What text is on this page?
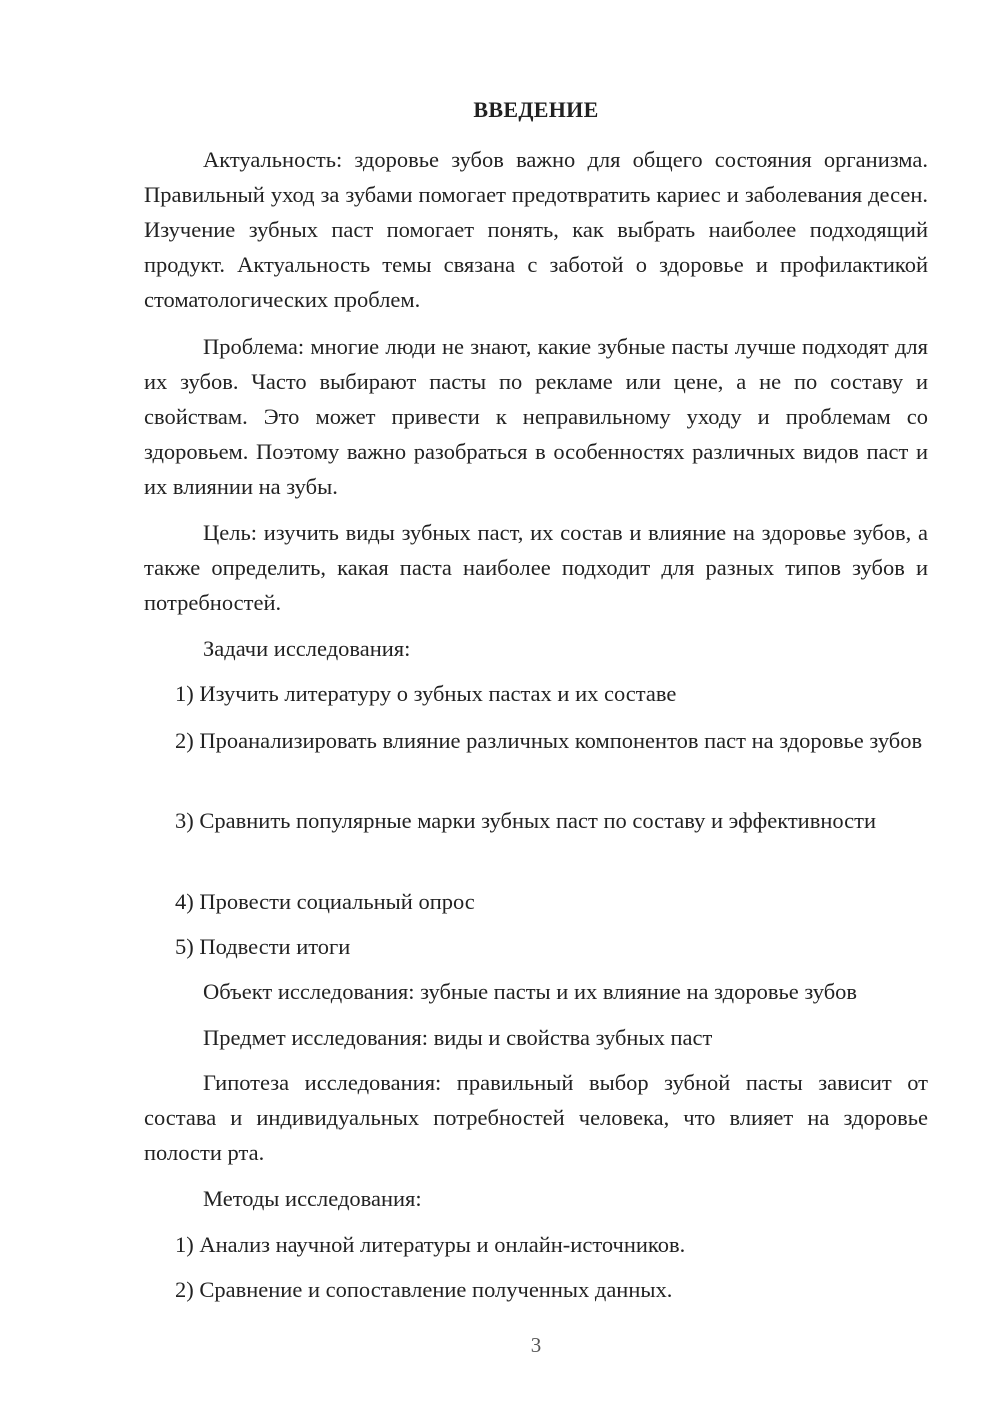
ВВЕДЕНИЕ

Актуальность: здоровье зубов важно для общего состояния организма. Правильный уход за зубами помогает предотвратить кариес и заболевания десен. Изучение зубных паст помогает понять, как выбрать наиболее подходящий продукт. Актуальность темы связана с заботой о здоровье и профилактикой стоматологических проблем.

Проблема: многие люди не знают, какие зубные пасты лучше подходят для их зубов. Часто выбирают пасты по рекламе или цене, а не по составу и свойствам. Это может привести к неправильному уходу и проблемам со здоровьем. Поэтому важно разобраться в особенностях различных видов паст и их влиянии на зубы.

Цель: изучить виды зубных паст, их состав и влияние на здоровье зубов, а также определить, какая паста наиболее подходит для разных типов зубов и потребностей.

Задачи исследования:

1) Изучить литературу о зубных пастах и их составе

2) Проанализировать влияние различных компонентов паст на здоровье зубов

3) Сравнить популярные марки зубных паст по составу и эффективности

4) Провести социальный опрос

5) Подвести итоги

Объект исследования: зубные пасты и их влияние на здоровье зубов

Предмет исследования: виды и свойства зубных паст

Гипотеза исследования: правильный выбор зубной пасты зависит от состава и индивидуальных потребностей человека, что влияет на здоровье полости рта.

Методы исследования:

1) Анализ научной литературы и онлайн-источников.

2) Сравнение и сопоставление полученных данных.

3
